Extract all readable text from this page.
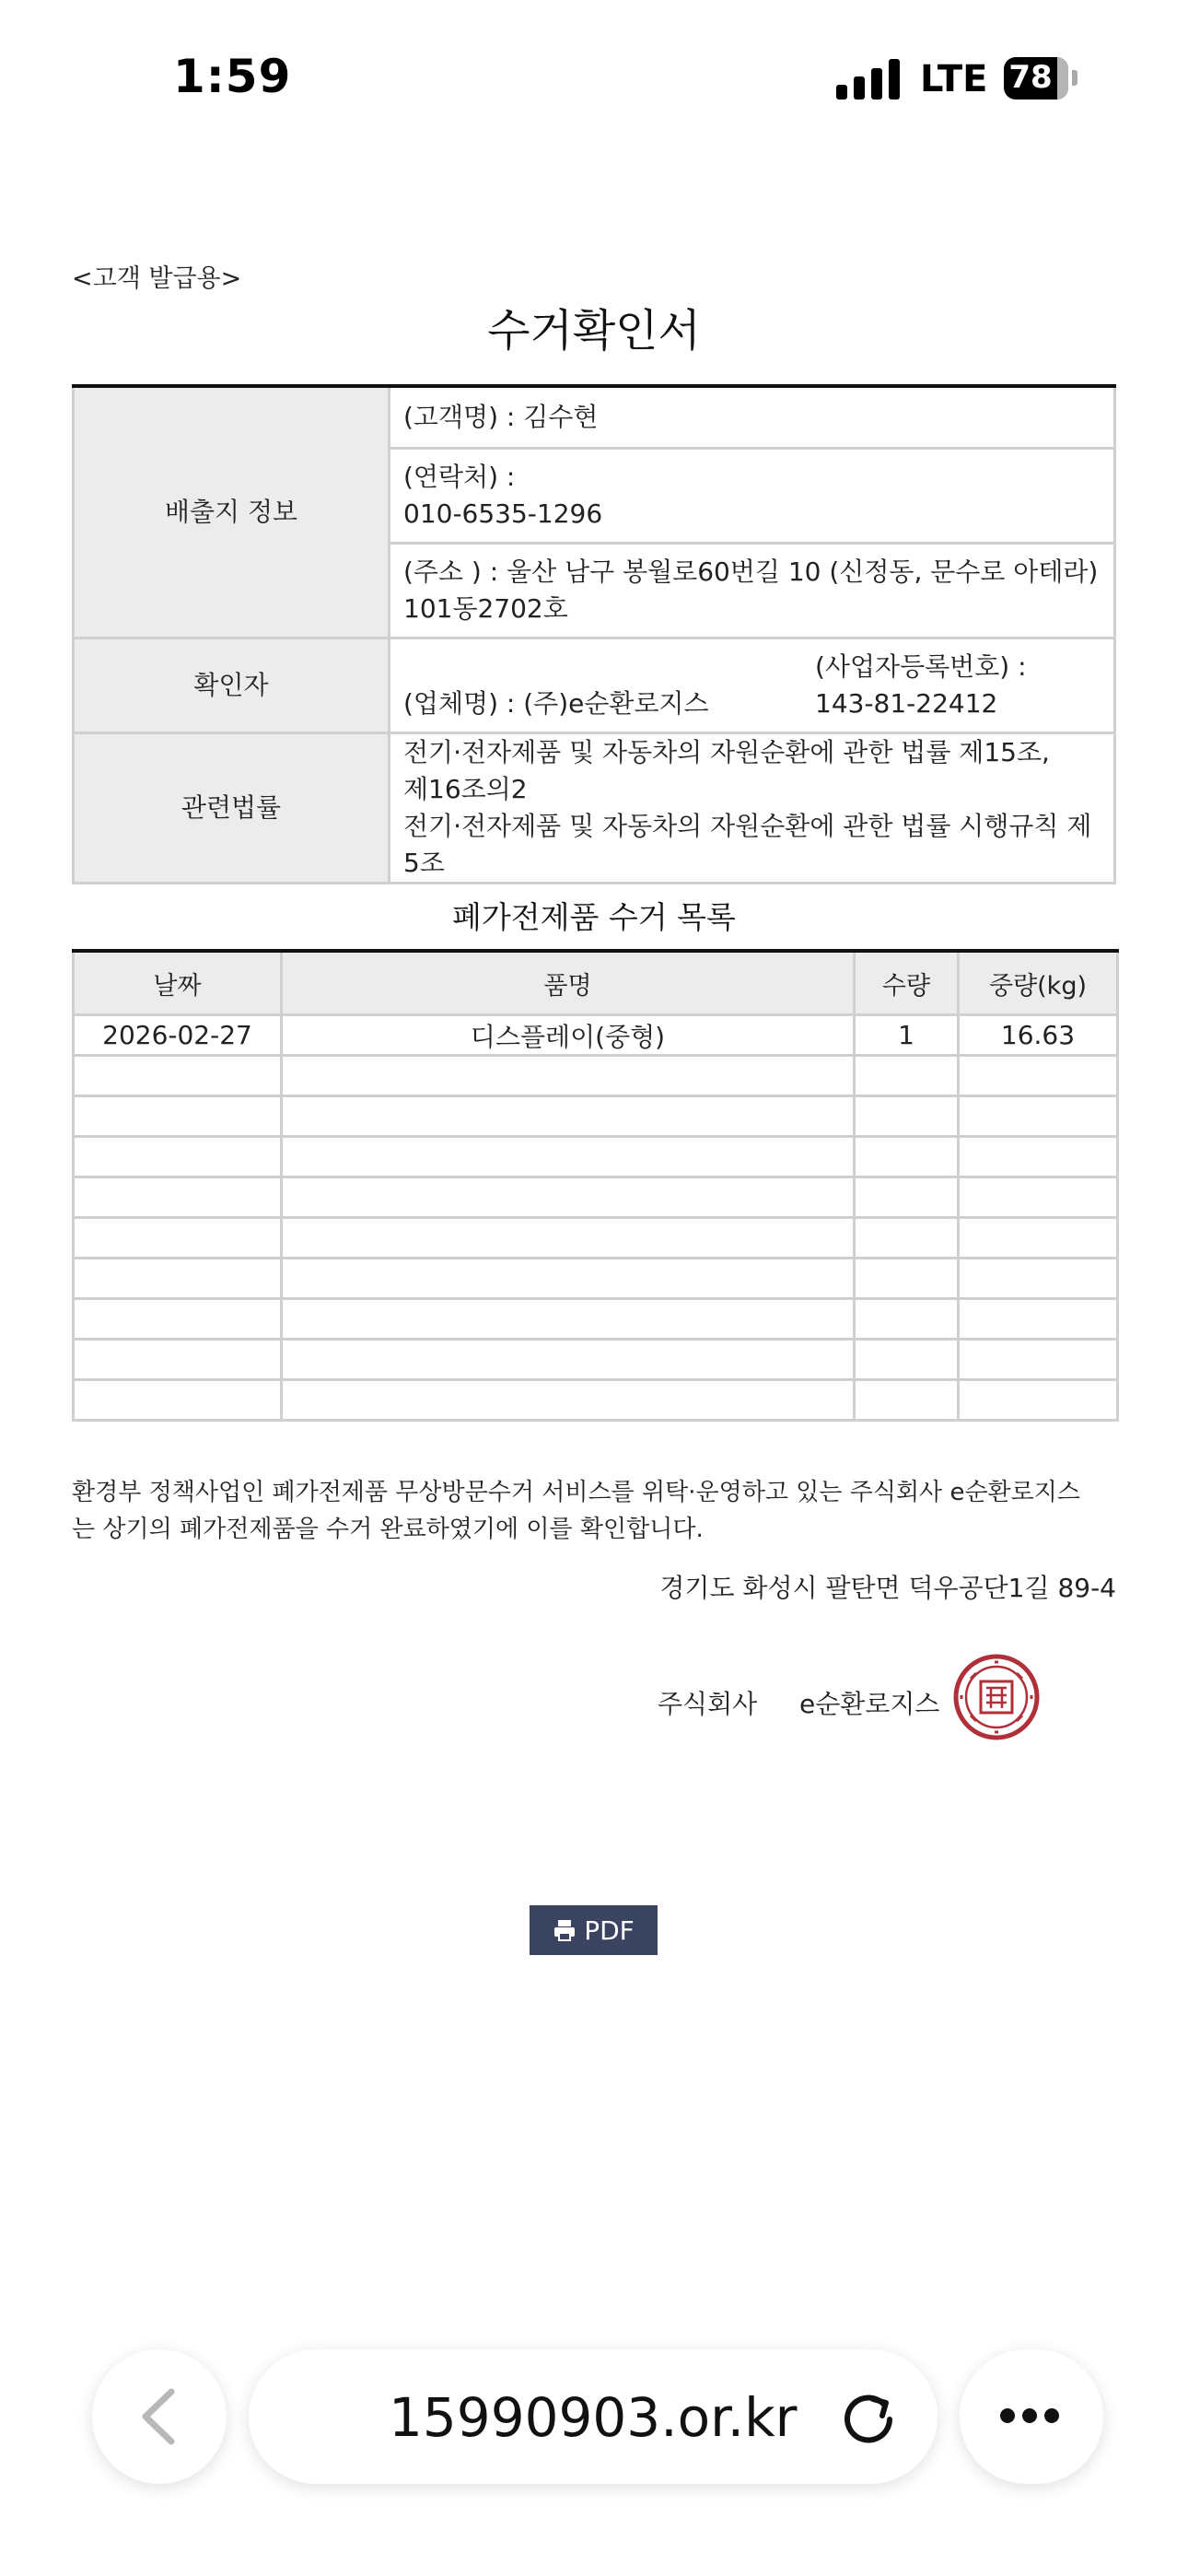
1:59	LTE 78
<고객 발급용>
수거확인서
배출지 정보	(고객명) : 김수현

	(연락처) :
010-6535-1296

	(주소 ) : 울산 남구 봉월로60번길 10 (신정동, 문수로 아테라)
101동2702호

확인자	(업체명) : (주)e순환로지스
(사업자등록번호) :
143-81-22412

관련법률	전기·전자제품 및 자동차의 자원순환에 관한 법률 제15조,
제16조의2
전기·전자제품 및 자동차의 자원순환에 관한 법률 시행규칙 제5조
폐가전제품 수거 목록
날짜	품명	수량	중량(kg)
2026-02-27	디스플레이(중형)	1	16.63

환경부 정책사업인 폐가전제품 무상방문수거 서비스를 위탁·운영하고 있는 주식회사 e순환로지스
는 상기의 폐가전제품을 수거 완료하였기에 이를 확인합니다.
경기도 화성시 팔탄면 덕우공단1길 89-4
주식회사 e순환로지스
PDF
15990903.or.kr
